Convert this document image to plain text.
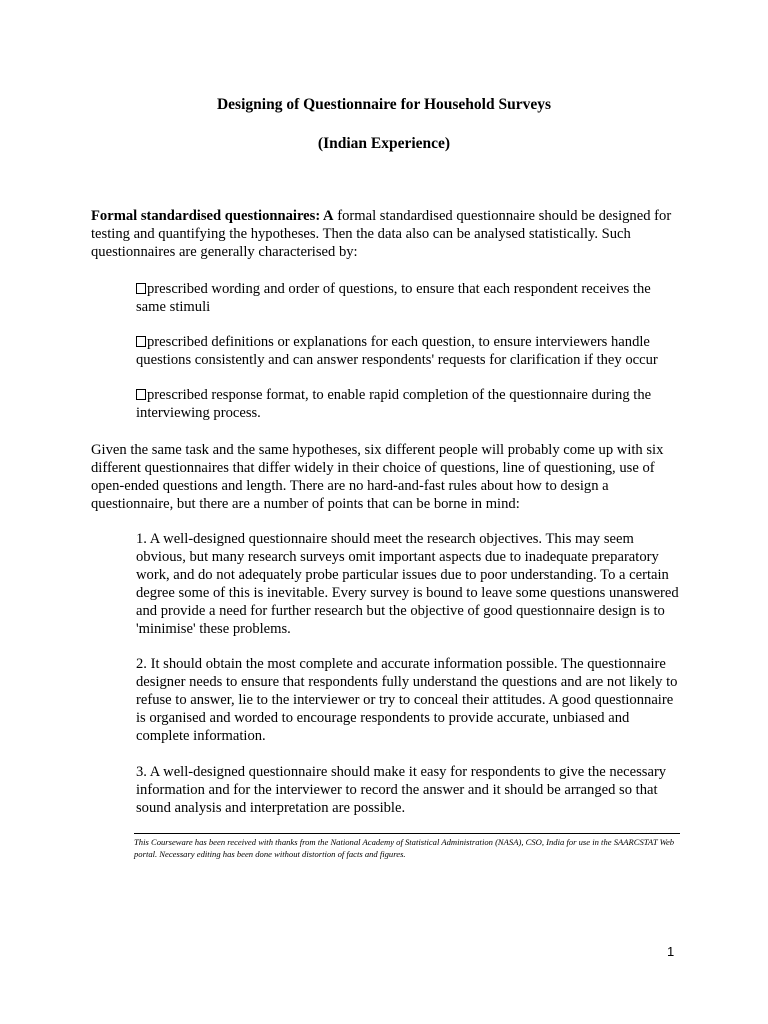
Designing of Questionnaire for Household Surveys
(Indian Experience)

Formal standardised questionnaires: A formal standardised questionnaire should be designed for testing and quantifying the hypotheses. Then the data also can be analysed statistically. Such questionnaires are generally characterised by:

prescribed wording and order of questions, to ensure that each respondent receives the same stimuli

prescribed definitions or explanations for each question, to ensure interviewers handle questions consistently and can answer respondents' requests for clarification if they occur

prescribed response format, to enable rapid completion of the questionnaire during the interviewing process.

Given the same task and the same hypotheses, six different people will probably come up with six different questionnaires that differ widely in their choice of questions, line of questioning, use of open-ended questions and length. There are no hard-and-fast rules about how to design a questionnaire, but there are a number of points that can be borne in mind:

1. A well-designed questionnaire should meet the research objectives. This may seem obvious, but many research surveys omit important aspects due to inadequate preparatory work, and do not adequately probe particular issues due to poor understanding. To a certain degree some of this is inevitable. Every survey is bound to leave some questions unanswered and provide a need for further research but the objective of good questionnaire design is to 'minimise' these problems.

2. It should obtain the most complete and accurate information possible. The questionnaire designer needs to ensure that respondents fully understand the questions and are not likely to refuse to answer, lie to the interviewer or try to conceal their attitudes. A good questionnaire is organised and worded to encourage respondents to provide accurate, unbiased and complete information.

3. A well-designed questionnaire should make it easy for respondents to give the necessary information and for the interviewer to record the answer and it should be arranged so that sound analysis and interpretation are possible.

This Courseware has been received with thanks from the National Academy of Statistical Administration (NASA), CSO, India for use in the SAARCSTAT Web portal. Necessary editing has been done without distortion of facts and figures.

1
